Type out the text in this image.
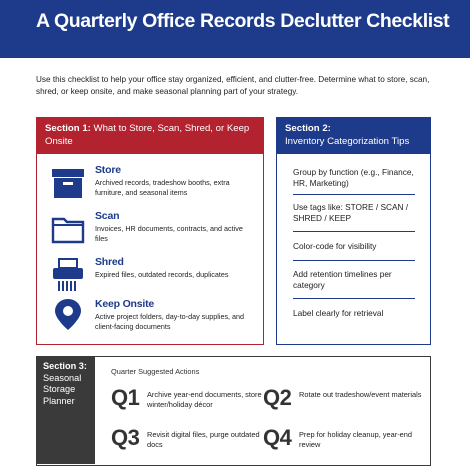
A Quarterly Office Records Declutter Checklist

Use this checklist to help your office stay organized, efficient, and clutter-free. Determine what to store, scan, shred, or keep onsite, and make seasonal planning part of your strategy.

Section 1: What to Store, Scan, Shred, or Keep Onsite
Store
Archived records, tradeshow booths, extra furniture, and seasonal items
Scan
Invoices, HR documents, contracts, and active files
Shred
Expired files, outdated records, duplicates
Keep Onsite
Active project folders, day-to-day supplies, and client-facing documents
Section 2:
Inventory Categorization Tips
Group by function (e.g., Finance, HR, Marketing)
Use tags like: STORE / SCAN / SHRED / KEEP
Color-code for visibility
Add retention timelines per category
Label clearly for retrieval
Section 3:
Seasonal Storage Planner
Quarter Suggested Actions
Q1 Archive year-end documents, store winter/holiday décor	Q2 Rotate out tradeshow/event materials
Q3 Revisit digital files, purge outdated docs	Q4 Prep for holiday cleanup, year-end review
